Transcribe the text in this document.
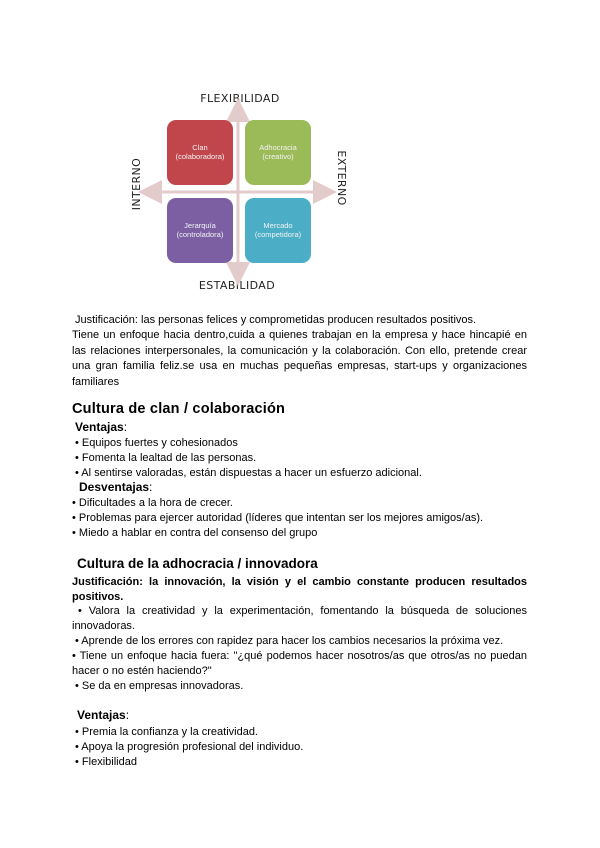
FLEXIBILIDAD
ESTABILIDAD
INTERNO	EXTERNO
Clan
(colaboradora)
Adhocracia
(creativo)
Jerarquía
(controladora)
Mercado
(competidora)
Justificación: las personas felices y comprometidas producen resultados positivos.
Tiene un enfoque hacia dentro,cuida a quienes trabajan en la empresa y hace hincapié en
las relaciones interpersonales, la comunicación y la colaboración. Con ello, pretende crear
una gran familia feliz.se usa en muchas pequeñas empresas, start-ups y organizaciones
familiares
Cultura de clan / colaboración
Ventajas:
• Equipos fuertes y cohesionados
• Fomenta la lealtad de las personas.
• Al sentirse valoradas, están dispuestas a hacer un esfuerzo adicional.
Desventajas:
• Dificultades a la hora de crecer.
• Problemas para ejercer autoridad (líderes que intentan ser los mejores amigos/as).
• Miedo a hablar en contra del consenso del grupo
Cultura de la adhocracia / innovadora
Justificación: la innovación, la visión y el cambio constante producen resultados
positivos.
• Valora la creatividad y la experimentación, fomentando la búsqueda de soluciones
innovadoras.
• Aprende de los errores con rapidez para hacer los cambios necesarios la próxima vez.
• Tiene un enfoque hacia fuera: "¿qué podemos hacer nosotros/as que otros/as no puedan
hacer o no estén haciendo?"
• Se da en empresas innovadoras.
Ventajas:
• Premia la confianza y la creatividad.
• Apoya la progresión profesional del individuo.
• Flexibilidad
